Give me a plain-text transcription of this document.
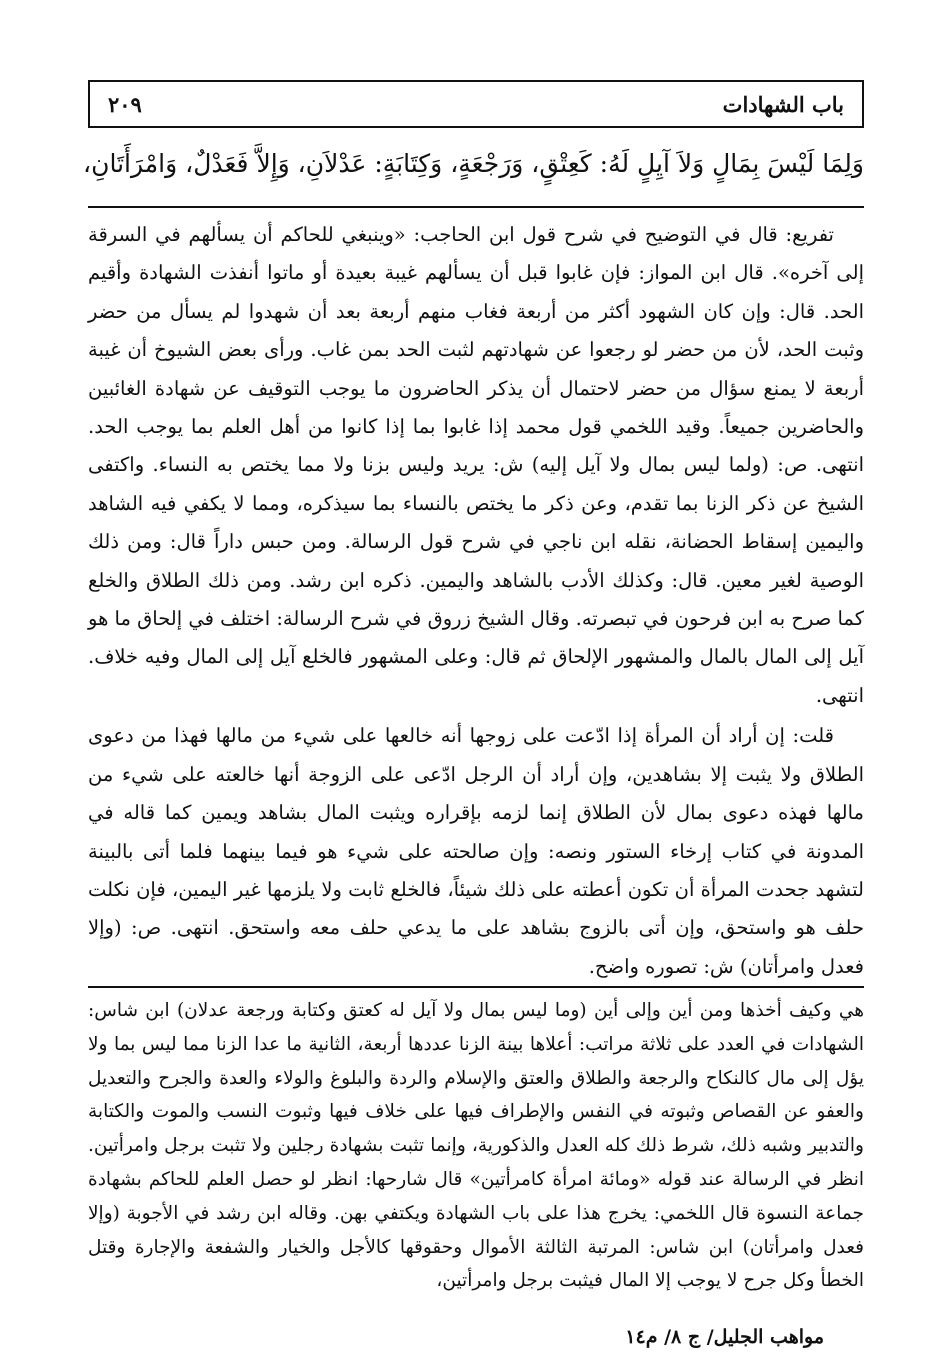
باب الشهادات
٢٠٩
وَلِمَا لَيْسَ بِمَالٍ وَلاَ آيِلٍ لَهُ: كَعِتْقٍ، وَرَجْعَةٍ، وَكِتَابَةٍ: عَدْلاَنِ، وَإِلاَّ فَعَدْلٌ، وَامْرَأَتَانِ،

تفريع: قال في التوضيح في شرح قول ابن الحاجب: «وينبغي للحاكم أن يسألهم في السرقة إلى آخره». قال ابن المواز: فإن غابوا قبل أن يسألهم غيبة بعيدة أو ماتوا أنفذت الشهادة وأقيم الحد. قال: وإن كان الشهود أكثر من أربعة فغاب منهم أربعة بعد أن شهدوا لم يسأل من حضر وثبت الحد، لأن من حضر لو رجعوا عن شهادتهم لثبت الحد بمن غاب. ورأى بعض الشيوخ أن غيبة أربعة لا يمنع سؤال من حضر لاحتمال أن يذكر الحاضرون ما يوجب التوقيف عن شهادة الغائبين والحاضرين جميعاً. وقيد اللخمي قول محمد إذا غابوا بما إذا كانوا من أهل العلم بما يوجب الحد. انتهى. ص: (ولما ليس بمال ولا آيل إليه) ش: يريد وليس بزنا ولا مما يختص به النساء. واكتفى الشيخ عن ذكر الزنا بما تقدم، وعن ذكر ما يختص بالنساء بما سيذكره، ومما لا يكفي فيه الشاهد واليمين إسقاط الحضانة، نقله ابن ناجي في شرح قول الرسالة. ومن حبس داراً قال: ومن ذلك الوصية لغير معين. قال: وكذلك الأدب بالشاهد واليمين. ذكره ابن رشد. ومن ذلك الطلاق والخلع كما صرح به ابن فرحون في تبصرته. وقال الشيخ زروق في شرح الرسالة: اختلف في إلحاق ما هو آيل إلى المال بالمال والمشهور الإلحاق ثم قال: وعلى المشهور فالخلع آيل إلى المال وفيه خلاف. انتهى.

قلت: إن أراد أن المرأة إذا ادّعت على زوجها أنه خالعها على شيء من مالها فهذا من دعوى الطلاق ولا يثبت إلا بشاهدين، وإن أراد أن الرجل ادّعى على الزوجة أنها خالعته على شيء من مالها فهذه دعوى بمال لأن الطلاق إنما لزمه بإقراره ويثبت المال بشاهد ويمين كما قاله في المدونة في كتاب إرخاء الستور ونصه: وإن صالحته على شيء هو فيما بينهما فلما أتى بالبينة لتشهد جحدت المرأة أن تكون أعطته على ذلك شيئاً، فالخلع ثابت ولا يلزمها غير اليمين، فإن نكلت حلف هو واستحق، وإن أتى بالزوج بشاهد على ما يدعي حلف معه واستحق. انتهى. ص: (وإلا فعدل وامرأتان) ش: تصوره واضح.

هي وكيف أخذها ومن أين وإلى أين (وما ليس بمال ولا آيل له كعتق وكتابة ورجعة عدلان) ابن شاس: الشهادات في العدد على ثلاثة مراتب: أعلاها بينة الزنا عددها أربعة، الثانية ما عدا الزنا مما ليس بما ولا يؤل إلى مال كالنكاح والرجعة والطلاق والعتق والإسلام والردة والبلوغ والولاء والعدة والجرح والتعديل والعفو عن القصاص وثبوته في النفس والإطراف فيها على خلاف فيها وثبوت النسب والموت والكتابة والتدبير وشبه ذلك، شرط ذلك كله العدل والذكورية، وإنما تثبت بشهادة رجلين ولا تثبت برجل وامرأتين. انظر في الرسالة عند قوله «ومائة امرأة كامرأتين» قال شارحها: انظر لو حصل العلم للحاكم بشهادة جماعة النسوة قال اللخمي: يخرج هذا على باب الشهادة ويكتفي بهن. وقاله ابن رشد في الأجوبة (وإلا فعدل وامرأتان) ابن شاس: المرتبة الثالثة الأموال وحقوقها كالأجل والخيار والشفعة والإجارة وقتل الخطأ وكل جرح لا يوجب إلا المال فيثبت برجل وامرأتين،

مواهب الجليل/ ج ٨/ م١٤
